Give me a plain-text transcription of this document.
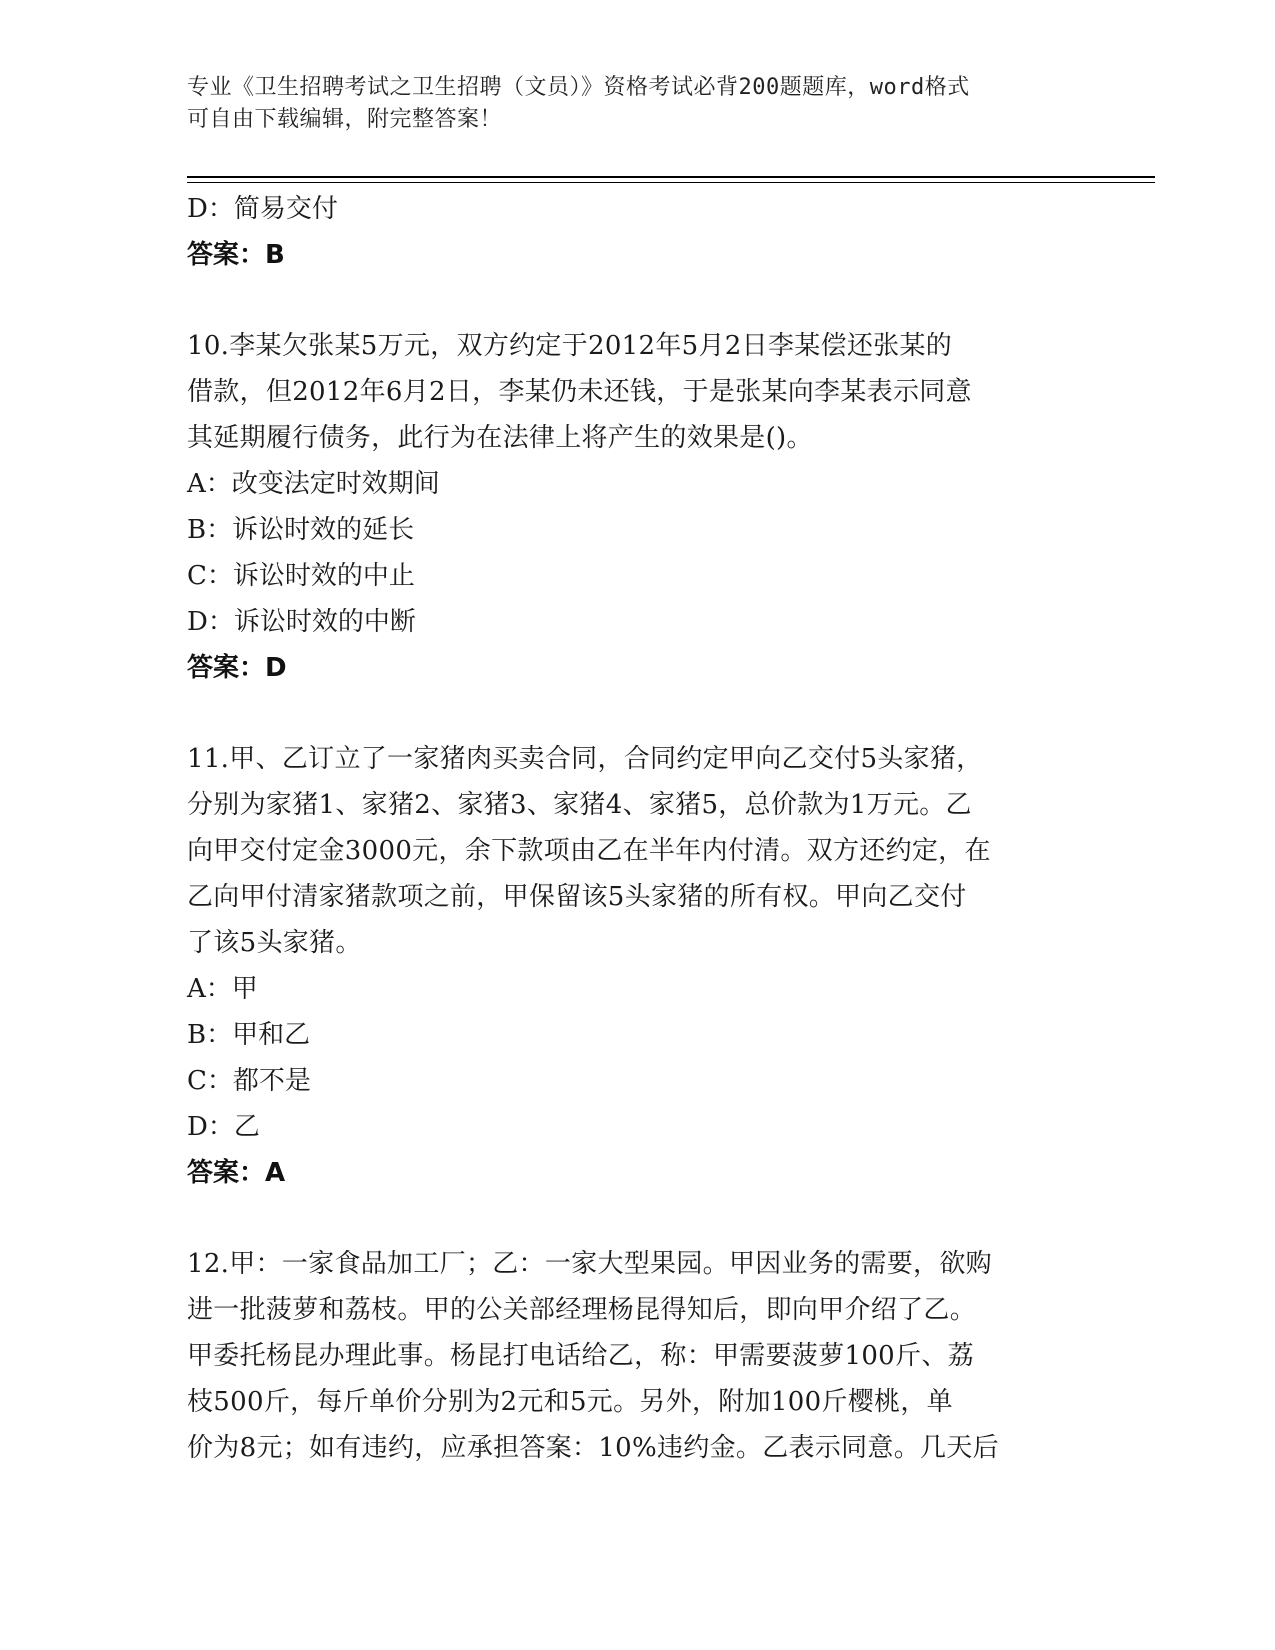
专业《卫生招聘考试之卫生招聘（文员）》资格考试必背200题题库，word格式
可自由下载编辑，附完整答案！
D：简易交付
答案：B
10.李某欠张某5万元，双方约定于2012年5月2日李某偿还张某的
借款，但2012年6月2日，李某仍未还钱，于是张某向李某表示同意
其延期履行债务，此行为在法律上将产生的效果是()。
A：改变法定时效期间
B：诉讼时效的延长
C：诉讼时效的中止
D：诉讼时效的中断
答案：D
11.甲、乙订立了一家猪肉买卖合同，合同约定甲向乙交付5头家猪，
分别为家猪1、家猪2、家猪3、家猪4、家猪5，总价款为1万元。乙
向甲交付定金3000元，余下款项由乙在半年内付清。双方还约定，在
乙向甲付清家猪款项之前，甲保留该5头家猪的所有权。甲向乙交付
了该5头家猪。
A：甲
B：甲和乙
C：都不是
D：乙
答案：A
12.甲：一家食品加工厂；乙：一家大型果园。甲因业务的需要，欲购
进一批菠萝和荔枝。甲的公关部经理杨昆得知后，即向甲介绍了乙。
甲委托杨昆办理此事。杨昆打电话给乙，称：甲需要菠萝100斤、荔
枝500斤，每斤单价分别为2元和5元。另外，附加100斤樱桃，单
价为8元；如有违约，应承担答案：10%违约金。乙表示同意。几天后
